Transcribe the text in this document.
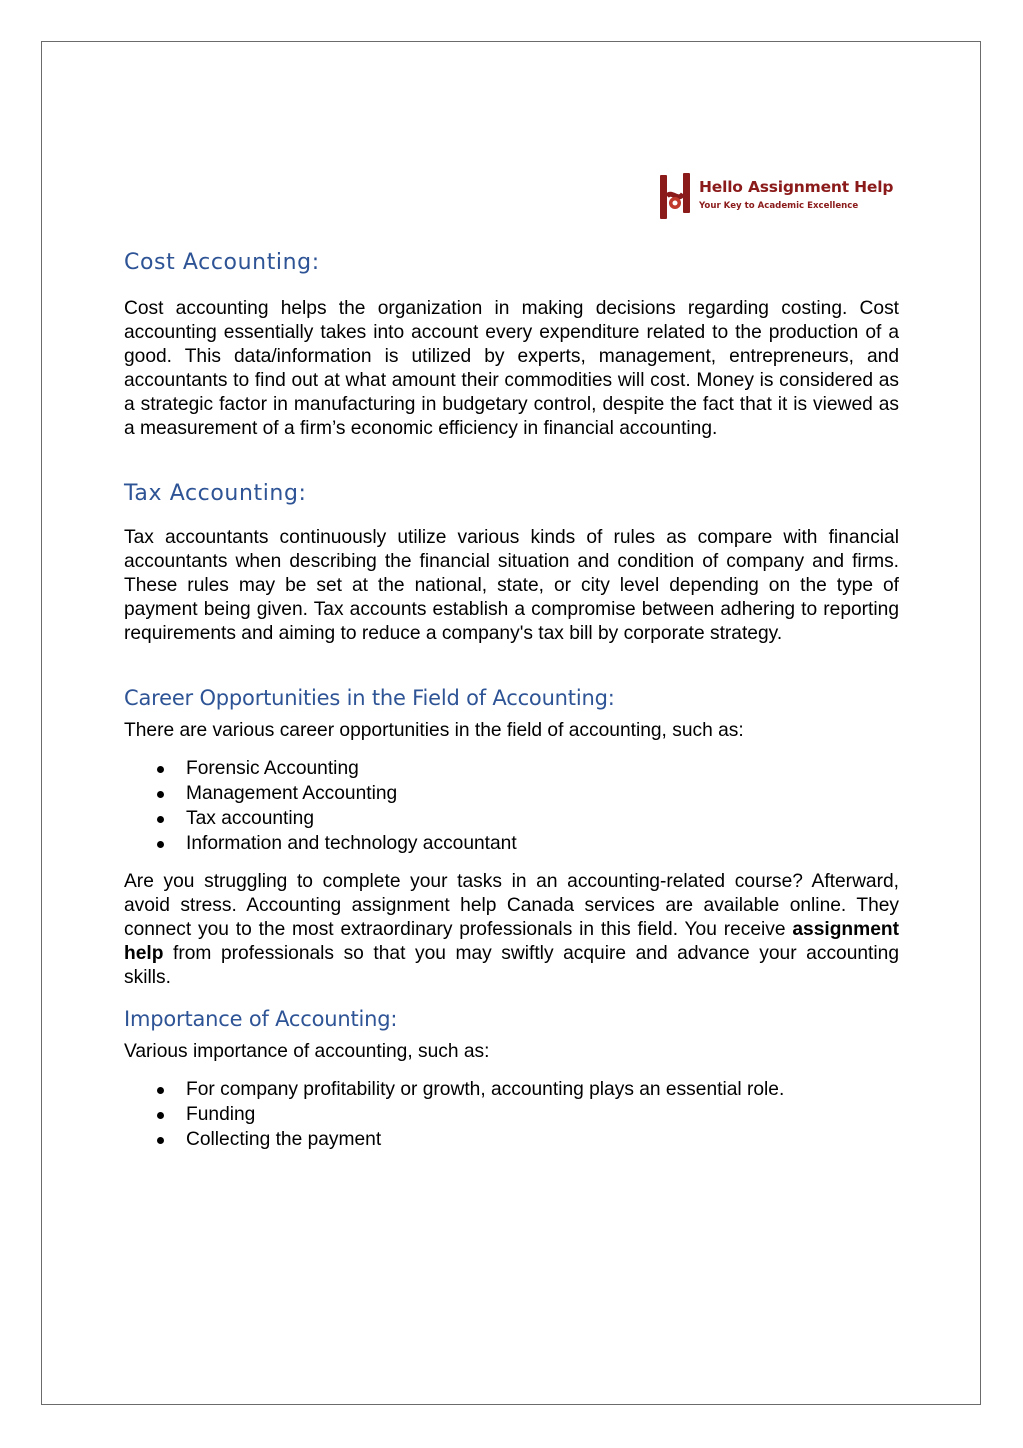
Hello Assignment Help
Your Key to Academic Excellence
Cost Accounting:

Cost accounting helps the organization in making decisions regarding costing. Cost accounting essentially takes into account every expenditure related to the production of a good. This data/information is utilized by experts, management, entrepreneurs, and accountants to find out at what amount their commodities will cost. Money is considered as a strategic factor in manufacturing in budgetary control, despite the fact that it is viewed as a measurement of a firm’s economic efficiency in financial accounting.

Tax Accounting:

Tax accountants continuously utilize various kinds of rules as compare with financial accountants when describing the financial situation and condition of company and firms. These rules may be set at the national, state, or city level depending on the type of payment being given. Tax accounts establish a compromise between adhering to reporting requirements and aiming to reduce a company's tax bill by corporate strategy.

Career Opportunities in the Field of Accounting:

There are various career opportunities in the field of accounting, such as:

Forensic Accounting
Management Accounting
Tax accounting
Information and technology accountant

Are you struggling to complete your tasks in an accounting-related course? Afterward, avoid stress. Accounting assignment help Canada services are available online. They connect you to the most extraordinary professionals in this field. You receive assignment help from professionals so that you may swiftly acquire and advance your accounting skills.

Importance of Accounting:

Various importance of accounting, such as:

For company profitability or growth, accounting plays an essential role.
Funding
Collecting the payment
